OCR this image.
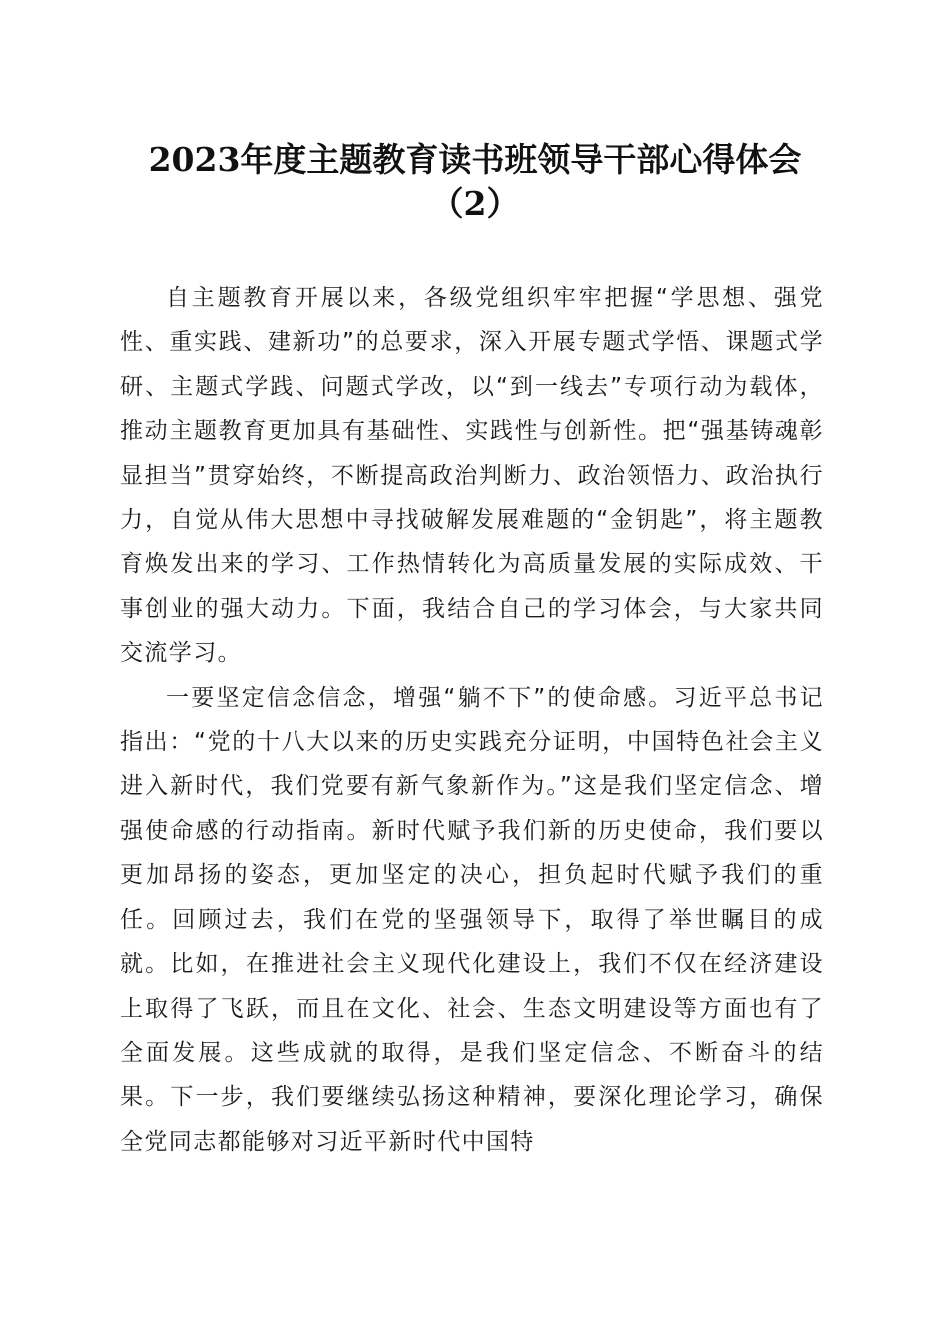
2023年度主题教育读书班领导干部心得体会
（2）

自主题教育开展以来，各级党组织牢牢把握“学思想、强党性、重实践、建新功”的总要求，深入开展专题式学悟、课题式学研、主题式学践、问题式学改，以“到一线去”专项行动为载体，推动主题教育更加具有基础性、实践性与创新性。把“强基铸魂彰显担当”贯穿始终，不断提高政治判断力、政治领悟力、政治执行力，自觉从伟大思想中寻找破解发展难题的“金钥匙”，将主题教育焕发出来的学习、工作热情转化为高质量发展的实际成效、干事创业的强大动力。下面，我结合自己的学习体会，与大家共同交流学习。

一要坚定信念信念，增强“躺不下”的使命感。习近平总书记指出：“党的十八大以来的历史实践充分证明，中国特色社会主义进入新时代，我们党要有新气象新作为。”这是我们坚定信念、增强使命感的行动指南。新时代赋予我们新的历史使命，我们要以更加昂扬的姿态，更加坚定的决心，担负起时代赋予我们的重任。回顾过去，我们在党的坚强领导下，取得了举世瞩目的成就。比如，在推进社会主义现代化建设上，我们不仅在经济建设上取得了飞跃，而且在文化、社会、生态文明建设等方面也有了全面发展。这些成就的取得，是我们坚定信念、不断奋斗的结果。下一步，我们要继续弘扬这种精神，要深化理论学习，确保全党同志都能够对习近平新时代中国特
